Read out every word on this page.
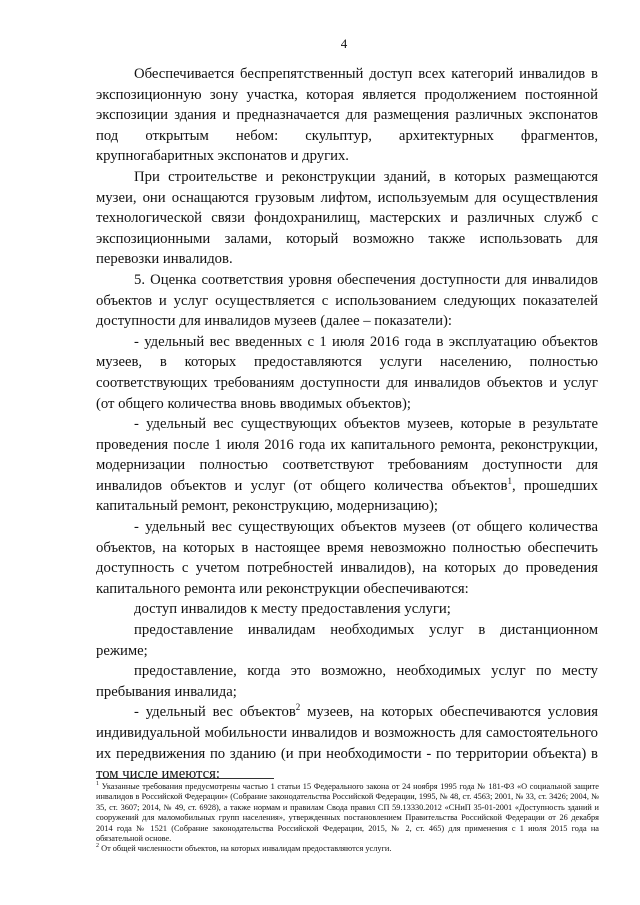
4

Обеспечивается беспрепятственный доступ всех категорий инвалидов в экспозиционную зону участка, которая является продолжением постоянной экспозиции здания и предназначается для размещения различных экспонатов под открытым небом: скульптур, архитектурных фрагментов, крупногабаритных экспонатов и других.

При строительстве и реконструкции зданий, в которых размещаются музеи, они оснащаются грузовым лифтом, используемым для осуществления технологической связи фондохранилищ, мастерских и различных служб с экспозиционными залами, который возможно также использовать для перевозки инвалидов.

5. Оценка соответствия уровня обеспечения доступности для инвалидов объектов и услуг осуществляется с использованием следующих показателей доступности для инвалидов музеев (далее – показатели):

- удельный вес введенных с 1 июля 2016 года в эксплуатацию объектов музеев, в которых предоставляются услуги населению, полностью соответствующих требованиям доступности для инвалидов объектов и услуг (от общего количества вновь вводимых объектов);

- удельный вес существующих объектов музеев, которые в результате проведения после 1 июля 2016 года их капитального ремонта, реконструкции, модернизации полностью соответствуют требованиям доступности для инвалидов объектов и услуг (от общего количества объектов$^1$, прошедших капитальный ремонт, реконструкцию, модернизацию);

- удельный вес существующих объектов музеев (от общего количества объектов, на которых в настоящее время невозможно полностью обеспечить доступность с учетом потребностей инвалидов), на которых до проведения капитального ремонта или реконструкции обеспечиваются:

доступ инвалидов к месту предоставления услуги;

предоставление инвалидам необходимых услуг в дистанционном режиме;

предоставление, когда это возможно, необходимых услуг по месту пребывания инвалида;

- удельный вес объектов$^2$ музеев, на которых обеспечиваются условия индивидуальной мобильности инвалидов и возможность для самостоятельного их передвижения по зданию (и при необходимости - по территории объекта) в том числе имеются:

$^1$ Указанные требования предусмотрены частью 1 статьи 15 Федерального закона от 24 ноября 1995 года № 181-ФЗ «О социальной защите инвалидов в Российской Федерации» (Собрание законодательства Российской Федерации, 1995, № 48, ст. 4563; 2001, № 33, ст. 3426; 2004, № 35, ст. 3607; 2014, № 49, ст. 6928), а также нормам и правилам Свода правил СП 59.13330.2012 «СНиП 35-01-2001 «Доступность зданий и сооружений для маломобильных групп населения», утвержденных постановлением Правительства Российской Федерации от 26 декабря 2014 года № 1521 (Собрание законодательства Российской Федерации, 2015, № 2, ст. 465) для применения с 1 июля 2015 года на обязательной основе.

$^2$ От общей численности объектов, на которых инвалидам предоставляются услуги.
